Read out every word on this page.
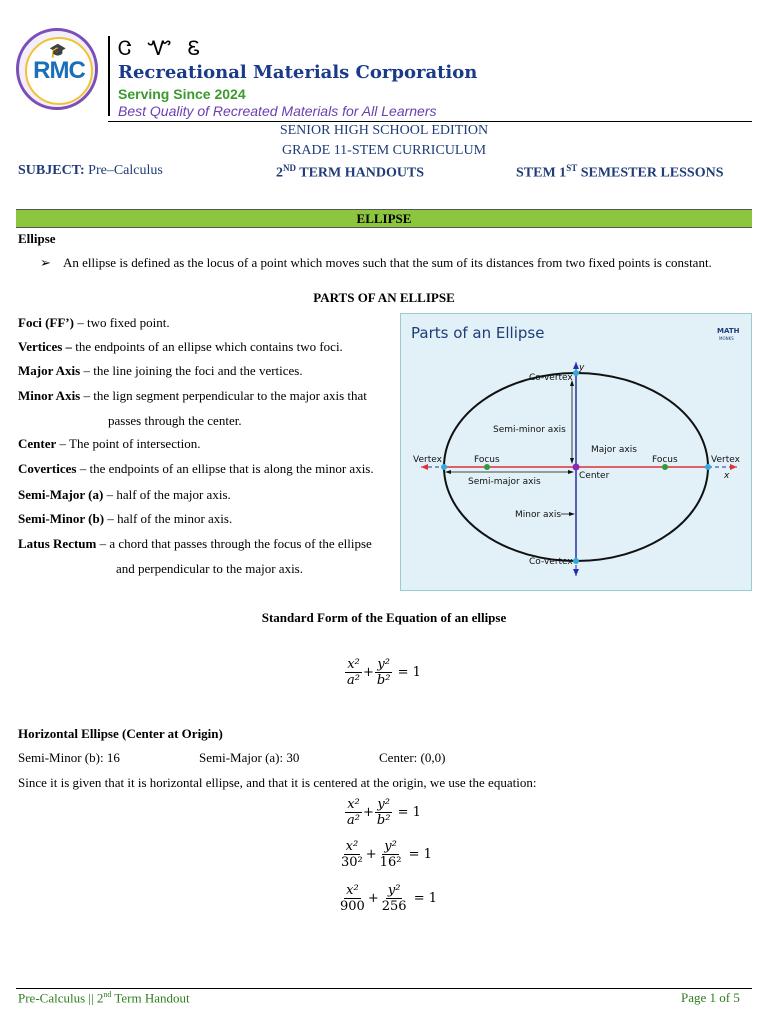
🎓
RMC
ᏣᏉᏋ
Recreational Materials Corporation
Serving Since 2024
Best Quality of Recreated Materials for All Learners
SENIOR HIGH SCHOOL EDITION
GRADE 11-STEM CURRICULUM
SUBJECT: Pre–Calculus	2ND TERM HANDOUTS	STEM 1ST SEMESTER LESSONS
ELLIPSE
Ellipse
➢ An ellipse is defined as the locus of a point which moves such that the sum of its distances from two fixed points is constant.
PARTS OF AN ELLIPSE
Foci (FF’) – two fixed point.
Vertices – the endpoints of an ellipse which contains two foci.
Major Axis – the line joining the foci and the vertices.
Minor Axis – the lign segment perpendicular to the major axis that
passes through the center.
Center – The point of intersection.
Covertices – the endpoints of an ellipse that is along the minor axis.
Semi-Major (a) – half of the major axis.
Semi-Minor (b) – half of the minor axis.
Latus Rectum – a chord that passes through the focus of the ellipse
and perpendicular to the major axis.
Parts of an Ellipse	MATH
MONKS
Co-vertex
y
Semi-minor axis
Major axis
Vertex	Vertex
Focus	Focus
Center	x
Semi-major axis
Minor axis
Co-vertex
Standard Form of the Equation of an ellipse
$\frac{\text{x²}}{\text{a²}} + \frac{\text{y²}}{\text{b²}} = 1$
Horizontal Ellipse (Center at Origin)
Semi-Minor (b): 16	Semi-Major (a): 30	Center: (0,0)
Since it is given that it is horizontal ellipse, and that it is centered at the origin, we use the equation:
$\frac{\text{x²}}{\text{a²}} + \frac{\text{y²}}{\text{b²}} = 1$
$\frac{\text{x²}}{\text{30²}} + \frac{\text{y²}}{\text{16²}} = 1$
$\frac{\text{x²}}{900} + \frac{\text{y²}}{256} = 1$
Pre-Calculus || 2nd Term Handout	Page 1 of 5
